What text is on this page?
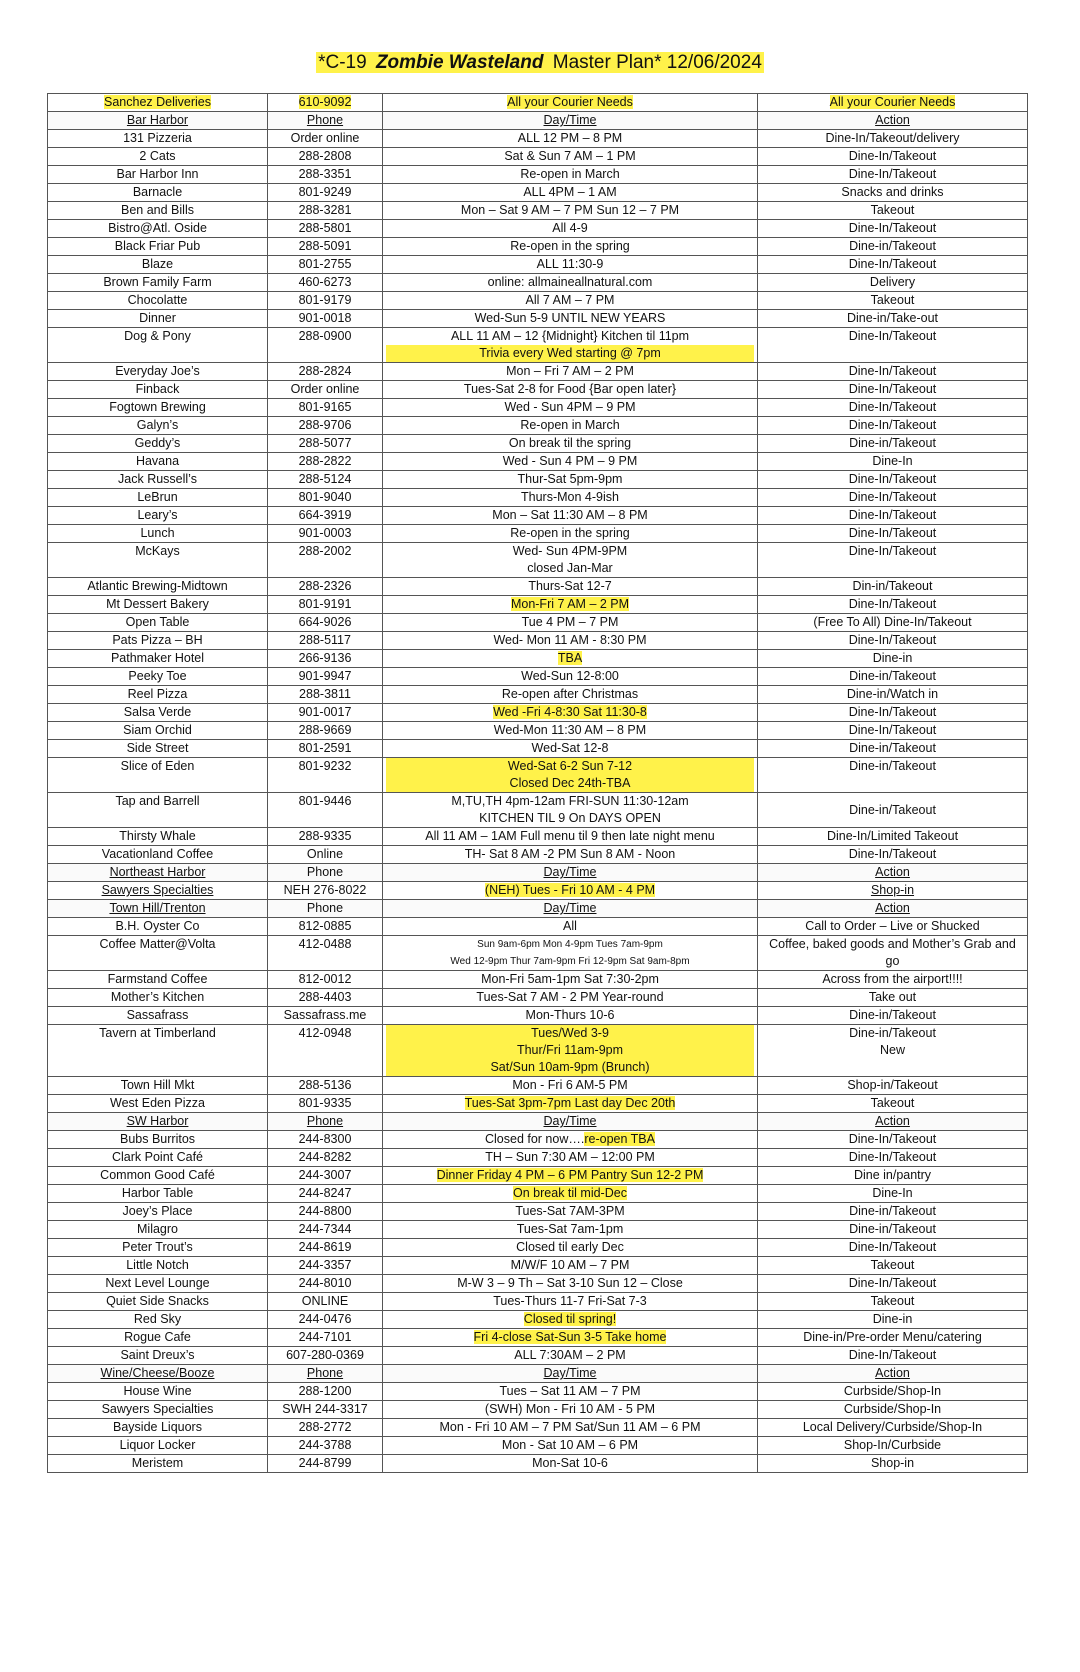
*C-19 Zombie Wasteland Master Plan* 12/06/2024
Sanchez Deliveries	610-9092	All your Courier Needs	All your Courier Needs
Bar Harbor	Phone	Day/Time	Action
131 Pizzeria	Order online	ALL 12 PM – 8 PM	Dine-In/Takeout/delivery
2 Cats	288-2808	Sat & Sun 7 AM – 1 PM	Dine-In/Takeout
Bar Harbor Inn	288-3351	Re-open in March	Dine-In/Takeout
Barnacle	801-9249	ALL 4PM – 1 AM	Snacks and drinks
Ben and Bills	288-3281	Mon – Sat 9 AM – 7 PM Sun 12 – 7 PM	Takeout
Bistro@Atl. Oside	288-5801	All 4-9	Dine-In/Takeout
Black Friar Pub	288-5091	Re-open in the spring	Dine-in/Takeout
Blaze	801-2755	ALL 11:30-9	Dine-In/Takeout
Brown Family Farm	460-6273	online: allmaineallnatural.com	Delivery
Chocolatte	801-9179	All 7 AM – 7 PM	Takeout
Dinner	901-0018	Wed-Sun 5-9 UNTIL NEW YEARS	Dine-in/Take-out
Dog & Pony	288-0900	ALL 11 AM – 12 {Midnight} Kitchen til 11pm
Trivia every Wed starting @ 7pm	Dine-In/Takeout
Everyday Joe’s	288-2824	Mon – Fri 7 AM – 2 PM	Dine-In/Takeout
Finback	Order online	Tues-Sat 2-8 for Food {Bar open later}	Dine-In/Takeout
Fogtown Brewing	801-9165	Wed - Sun 4PM – 9 PM	Dine-In/Takeout
Galyn’s	288-9706	Re-open in March	Dine-In/Takeout
Geddy’s	288-5077	On break til the spring	Dine-in/Takeout
Havana	288-2822	Wed - Sun 4 PM – 9 PM	Dine-In
Jack Russell’s	288-5124	Thur-Sat 5pm-9pm	Dine-In/Takeout
LeBrun	801-9040	Thurs-Mon 4-9ish	Dine-In/Takeout
Leary’s	664-3919	Mon – Sat 11:30 AM – 8 PM	Dine-In/Takeout
Lunch	901-0003	Re-open in the spring	Dine-In/Takeout
McKays	288-2002	Wed- Sun 4PM-9PM
closed Jan-Mar	Dine-In/Takeout
Atlantic Brewing-Midtown	288-2326	Thurs-Sat 12-7	Din-in/Takeout
Mt Dessert Bakery	801-9191	Mon-Fri 7 AM – 2 PM	Dine-In/Takeout
Open Table	664-9026	Tue 4 PM – 7 PM	(Free To All) Dine-In/Takeout
Pats Pizza – BH	288-5117	Wed- Mon 11 AM - 8:30 PM	Dine-In/Takeout
Pathmaker Hotel	266-9136	TBA	Dine-in
Peeky Toe	901-9947	Wed-Sun 12-8:00	Dine-in/Takeout
Reel Pizza	288-3811	Re-open after Christmas	Dine-in/Watch in
Salsa Verde	901-0017	Wed -Fri 4-8:30 Sat 11:30-8	Dine-In/Takeout
Siam Orchid	288-9669	Wed-Mon 11:30 AM – 8 PM	Dine-In/Takeout
Side Street	801-2591	Wed-Sat 12-8	Dine-in/Takeout
Slice of Eden	801-9232	Wed-Sat 6-2 Sun 7-12
Closed Dec 24th-TBA	Dine-in/Takeout
Tap and Barrell	801-9446	M,TU,TH 4pm-12am FRI-SUN 11:30-12am
KITCHEN TIL 9 On DAYS OPEN	Dine-in/Takeout
Thirsty Whale	288-9335	All 11 AM – 1AM Full menu til 9 then late night menu	Dine-In/Limited Takeout
Vacationland Coffee	Online	TH- Sat 8 AM -2 PM Sun 8 AM - Noon	Dine-In/Takeout
Northeast Harbor	Phone	Day/Time	Action
Sawyers Specialties	NEH 276-8022	(NEH) Tues - Fri 10 AM - 4 PM	Shop-in
Town Hill/Trenton	Phone	Day/Time	Action
B.H. Oyster Co	812-0885	All	Call to Order – Live or Shucked
Coffee Matter@Volta	412-0488	Sun 9am-6pm Mon 4-9pm Tues 7am-9pm
Wed 12-9pm Thur 7am-9pm Fri 12-9pm Sat 9am-8pm	Coffee, baked goods and Mother’s Grab and go
Farmstand Coffee	812-0012	Mon-Fri 5am-1pm Sat 7:30-2pm	Across from the airport!!!!
Mother’s Kitchen	288-4403	Tues-Sat 7 AM - 2 PM Year-round	Take out
Sassafrass	Sassafrass.me	Mon-Thurs 10-6	Dine-in/Takeout
Tavern at Timberland	412-0948	Tues/Wed 3-9
Thur/Fri 11am-9pm
Sat/Sun 10am-9pm (Brunch)	Dine-in/Takeout
New

Town Hill Mkt	288-5136	Mon - Fri 6 AM-5 PM	Shop-in/Takeout
West Eden Pizza	801-9335	Tues-Sat 3pm-7pm Last day Dec 20th	Takeout
SW Harbor	Phone	Day/Time	Action
Bubs Burritos	244-8300	Closed for now….re-open TBA	Dine-In/Takeout
Clark Point Café	244-8282	TH – Sun 7:30 AM – 12:00 PM	Dine-In/Takeout
Common Good Café	244-3007	Dinner Friday 4 PM – 6 PM Pantry Sun 12-2 PM	Dine in/pantry
Harbor Table	244-8247	On break til mid-Dec	Dine-In
Joey’s Place	244-8800	Tues-Sat 7AM-3PM	Dine-in/Takeout
Milagro	244-7344	Tues-Sat 7am-1pm	Dine-in/Takeout
Peter Trout’s	244-8619	Closed til early Dec	Dine-In/Takeout
Little Notch	244-3357	M/W/F 10 AM – 7 PM	Takeout
Next Level Lounge	244-8010	M-W 3 – 9 Th – Sat 3-10 Sun 12 – Close	Dine-In/Takeout
Quiet Side Snacks	ONLINE	Tues-Thurs 11-7 Fri-Sat 7-3	Takeout
Red Sky	244-0476	Closed til spring!	Dine-in
Rogue Cafe	244-7101	Fri 4-close Sat-Sun 3-5 Take home	Dine-in/Pre-order Menu/catering
Saint Dreux’s	607-280-0369	ALL 7:30AM – 2 PM	Dine-In/Takeout
Wine/Cheese/Booze	Phone	Day/Time	Action
House Wine	288-1200	Tues – Sat 11 AM – 7 PM	Curbside/Shop-In
Sawyers Specialties	SWH 244-3317	(SWH) Mon - Fri 10 AM - 5 PM	Curbside/Shop-In
Bayside Liquors	288-2772	Mon - Fri 10 AM – 7 PM Sat/Sun 11 AM – 6 PM	Local Delivery/Curbside/Shop-In
Liquor Locker	244-3788	Mon - Sat 10 AM – 6 PM	Shop-In/Curbside
Meristem	244-8799	Mon-Sat 10-6	Shop-in
